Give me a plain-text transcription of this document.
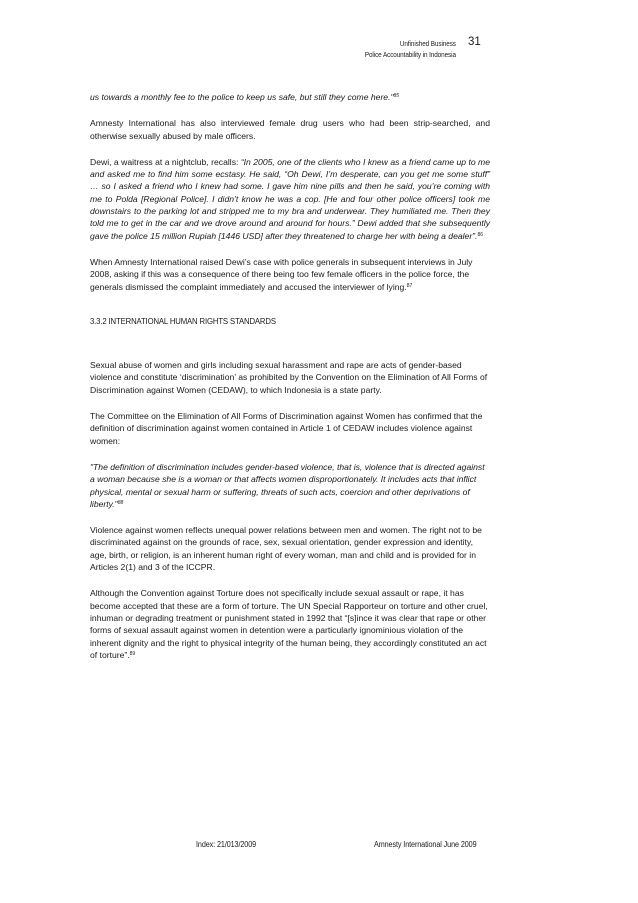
Unfinished Business
Police Accountability in Indonesia
31

us towards a monthly fee to the police to keep us safe, but still they come here."$^{85}$

Amnesty International has also interviewed female drug users who had been strip-searched, and otherwise sexually abused by male officers.

Dewi, a waitress at a nightclub, recalls: “In 2005, one of the clients who I knew as a friend came up to me and asked me to find him some ecstasy. He said, “Oh Dewi, I’m desperate, can you get me some stuff” … so I asked a friend who I knew had some. I gave him nine pills and then he said, you’re coming with me to Polda [Regional Police]. I didn’t know he was a cop. [He and four other police officers] took me downstairs to the parking lot and stripped me to my bra and underwear. They humiliated me. Then they told me to get in the car and we drove around and around for hours.” Dewi added that she subsequently gave the police 15 million Rupiah [1446 USD] after they threatened to charge her with being a dealer”.$^{86}$

When Amnesty International raised Dewi’s case with police generals in subsequent interviews in July 2008, asking if this was a consequence of there being too few female officers in the police force, the generals dismissed the complaint immediately and accused the interviewer of lying.$^{87}$

3.3.2 INTERNATIONAL HUMAN RIGHTS STANDARDS

Sexual abuse of women and girls including sexual harassment and rape are acts of gender-based violence and constitute ‘discrimination’ as prohibited by the Convention on the Elimination of All Forms of Discrimination against Women (CEDAW), to which Indonesia is a state party.

The Committee on the Elimination of All Forms of Discrimination against Women has confirmed that the definition of discrimination against women contained in Article 1 of CEDAW includes violence against women:

"The definition of discrimination includes gender-based violence, that is, violence that is directed against a woman because she is a woman or that affects women disproportionately. It includes acts that inflict physical, mental or sexual harm or suffering, threats of such acts, coercion and other deprivations of liberty."$^{88}$

Violence against women reflects unequal power relations between men and women. The right not to be discriminated against on the grounds of race, sex, sexual orientation, gender expression and identity, age, birth, or religion, is an inherent human right of every woman, man and child and is provided for in Articles 2(1) and 3 of the ICCPR.

Although the Convention against Torture does not specifically include sexual assault or rape, it has become accepted that these are a form of torture. The UN Special Rapporteur on torture and other cruel, inhuman or degrading treatment or punishment stated in 1992 that “[s]ince it was clear that rape or other forms of sexual assault against women in detention were a particularly ignominious violation of the inherent dignity and the right to physical integrity of the human being, they accordingly constituted an act of torture”.$^{89}$

Index: 21/013/2009	Amnesty International June 2009
